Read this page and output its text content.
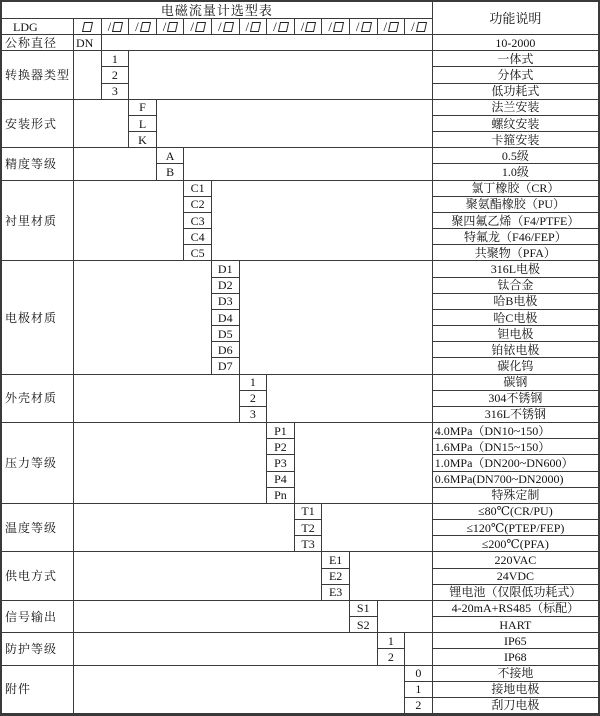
电磁流量计选型表
功能说明
LDG	/ / / / / / / / / / / /
公称直径	DN	10-2000
转换器类型
1	一体式
2	分体式
3	低功耗式
安装形式
F	法兰安装
L	螺纹安装
K	卡箍安装
精度等级
A	0.5级
B	1.0级
衬里材质
C1	氯丁橡胶（CR）
C2	聚氨酯橡胶（PU）
C3	聚四氟乙烯（F4/PTFE）
C4	特氟龙（F46/FEP）
C5	共聚物（PFA）
电极材质
D1	316L电极
D2	钛合金
D3	哈B电极
D4	哈C电极
D5	钽电极
D6	铂铱电极
D7	碳化钨
外壳材质
1	碳钢
2	304不锈钢
3	316L不锈钢
压力等级
P1	4.0MPa（DN10~150）
P2	1.6MPa（DN15~150）
P3	1.0MPa（DN200~DN600）
P4	0.6MPa(DN700~DN2000)
Pn	特殊定制
温度等级
T1	≤80℃(CR/PU)
T2	≤120℃(PTEP/FEP)
T3	≤200℃(PFA)
供电方式
E1	220VAC
E2	24VDC
E3	锂电池（仅限低功耗式）
信号输出
S1	4-20mA+RS485（标配）
S2	HART
防护等级
1	IP65
2	IP68
附件
0	不接地
1	接地电极
2	刮刀电极
